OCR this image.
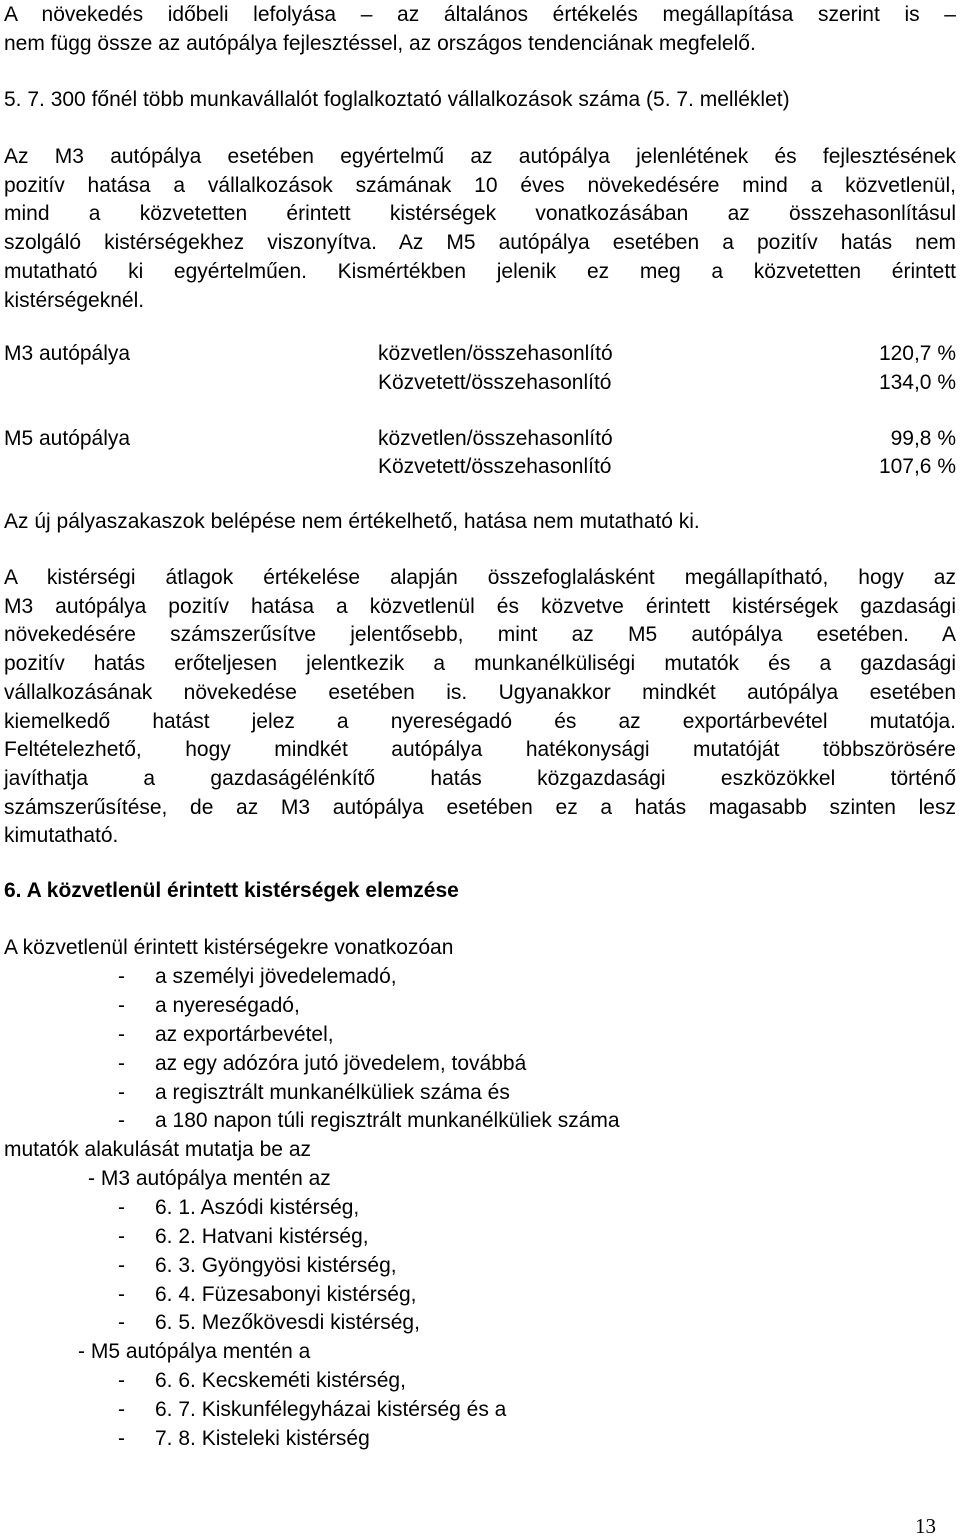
A növekedés időbeli lefolyása – az általános értékelés megállapítása szerint is –
nem függ össze az autópálya fejlesztéssel, az országos tendenciának megfelelő.
5. 7. 300 főnél több munkavállalót foglalkoztató vállalkozások száma (5. 7. melléklet)
Az M3 autópálya esetében egyértelmű az autópálya jelenlétének és fejlesztésének
pozitív hatása a vállalkozások számának 10 éves növekedésére mind a közvetlenül,
mind a közvetetten érintett kistérségek vonatkozásában az összehasonlításul
szolgáló kistérségekhez viszonyítva. Az M5 autópálya esetében a pozitív hatás nem
mutatható ki egyértelműen. Kismértékben jelenik ez meg a közvetetten érintett
kistérségeknél.
M3 autópálya	közvetlen/összehasonlító	120,7 %
Közvetett/összehasonlító	134,0 %
M5 autópálya	közvetlen/összehasonlító	99,8 %
Közvetett/összehasonlító	107,6 %
Az új pályaszakaszok belépése nem értékelhető, hatása nem mutatható ki.
A kistérségi átlagok értékelése alapján összefoglalásként megállapítható, hogy az
M3 autópálya pozitív hatása a közvetlenül és közvetve érintett kistérségek gazdasági
növekedésére számszerűsítve jelentősebb, mint az M5 autópálya esetében. A
pozitív hatás erőteljesen jelentkezik a munkanélküliségi mutatók és a gazdasági
vállalkozásának növekedése esetében is. Ugyanakkor mindkét autópálya esetében
kiemelkedő hatást jelez a nyereségadó és az exportárbevétel mutatója.
Feltételezhető, hogy mindkét autópálya hatékonysági mutatóját többszörösére
javíthatja a gazdaságélénkítő hatás közgazdasági eszközökkel történő
számszerűsítése, de az M3 autópálya esetében ez a hatás magasabb szinten lesz
kimutatható.
6. A közvetlenül érintett kistérségek elemzése
A közvetlenül érintett kistérségekre vonatkozóan
- a személyi jövedelemadó,
- a nyereségadó,
- az exportárbevétel,
- az egy adózóra jutó jövedelem, továbbá
- a regisztrált munkanélküliek száma és
- a 180 napon túli regisztrált munkanélküliek száma
mutatók alakulását mutatja be az
- M3 autópálya mentén az
- 6. 1. Aszódi kistérség,
- 6. 2. Hatvani kistérség,
- 6. 3. Gyöngyösi kistérség,
- 6. 4. Füzesabonyi kistérség,
- 6. 5. Mezőkövesdi kistérség,
- M5 autópálya mentén a
- 6. 6. Kecskeméti kistérség,
- 6. 7. Kiskunfélegyházai kistérség és a
- 7. 8. Kisteleki kistérség
13
